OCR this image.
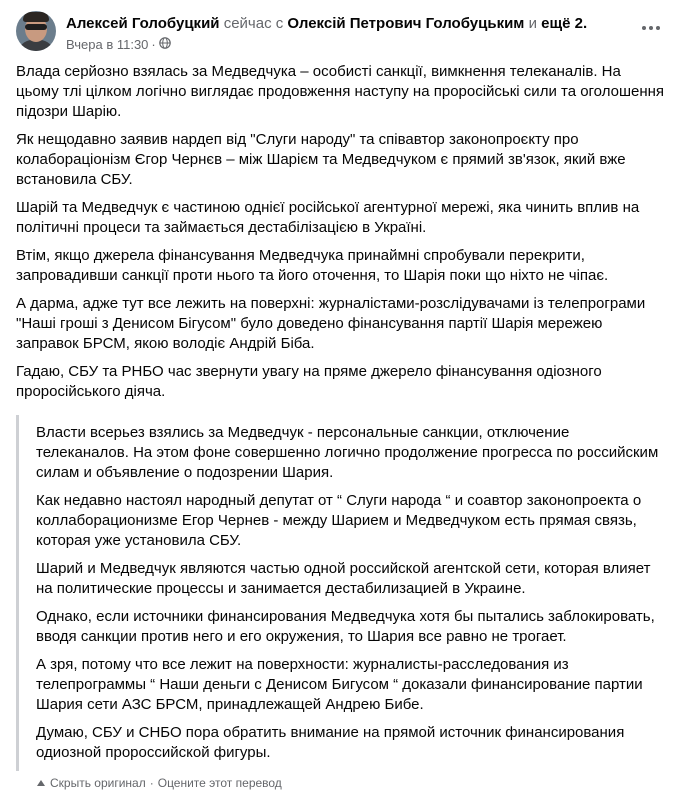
Алексей Голобуцкий сейчас с Олексій Петрович Голобуцьким и ещё 2.
Вчера в 11:30 ·

Влада серйозно взялась за Медведчука – особисті санкції, вимкнення телеканалів. На цьому тлі цілком логічно виглядає продовження наступу на проросійські сили та оголошення підозри Шарію.

Як нещодавно заявив нардеп від "Слуги народу" та співавтор законопроєкту про колабораціонізм Єгор Чернєв – між Шарієм та Медведчуком є прямий зв'язок, який вже встановила СБУ.

Шарій та Медведчук є частиною однієї російської агентурної мережі, яка чинить вплив на політичні процеси та займається дестабілізацією в Україні.

Втім, якщо джерела фінансування Медведчука принаймні спробували перекрити, запровадивши санкції проти нього та його оточення, то Шарія поки що ніхто не чіпає.

А дарма, адже тут все лежить на поверхні: журналістами-розслідувачами із телепрограми "Наші гроші з Денисом Бігусом" було доведено фінансування партії Шарія мережею заправок БРСМ, якою володіє Андрій Біба.

Гадаю, СБУ та РНБО час звернути увагу на пряме джерело фінансування одіозного проросійського діяча.

Власти всерьез взялись за Медведчук - персональные санкции, отключение телеканалов. На этом фоне совершенно логично продолжение прогресса по российским силам и объявление о подозрении Шария.

Как недавно настоял народный депутат от “ Слуги народа “ и соавтор законопроекта о коллаборационизме Егор Чернев - между Шарием и Медведчуком есть прямая связь, которая уже установила СБУ.

Шарий и Медведчук являются частью одной российской агентской сети, которая влияет на политические процессы и занимается дестабилизацией в Украине.

Однако, если источники финансирования Медведчука хотя бы пытались заблокировать, вводя санкции против него и его окружения, то Шария все равно не трогает.

А зря, потому что все лежит на поверхности: журналисты-расследования из телепрограммы “ Наши деньги с Денисом Бигусом “ доказали финансирование партии Шария сети АЗС БРСМ, принадлежащей Андрею Бибе.

Думаю, СБУ и СНБО пора обратить внимание на прямой источник финансирования одиозной пророссийской фигуры.

Скрыть оригинал · Оцените этот перевод
